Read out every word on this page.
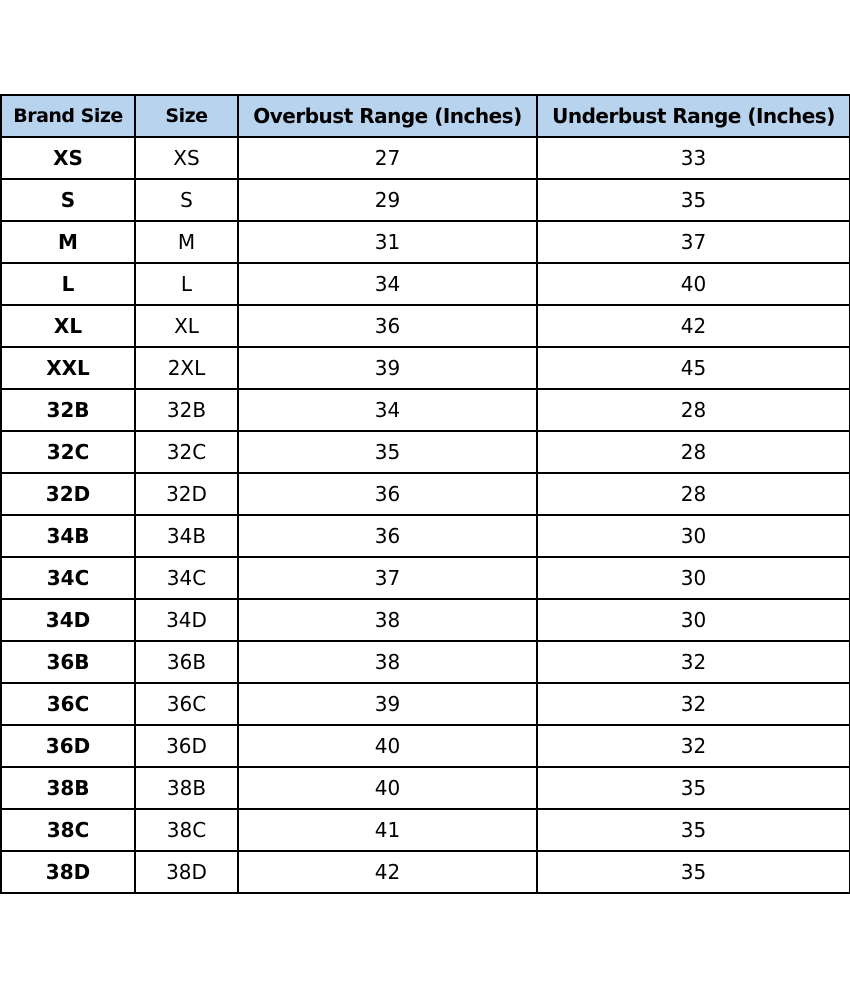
Brand Size	Size	Overbust Range (Inches)	Underbust Range (Inches)
XS	XS	27	33
S	S	29	35
M	M	31	37
L	L	34	40
XL	XL	36	42
XXL	2XL	39	45
32B	32B	34	28
32C	32C	35	28
32D	32D	36	28
34B	34B	36	30
34C	34C	37	30
34D	34D	38	30
36B	36B	38	32
36C	36C	39	32
36D	36D	40	32
38B	38B	40	35
38C	38C	41	35
38D	38D	42	35
